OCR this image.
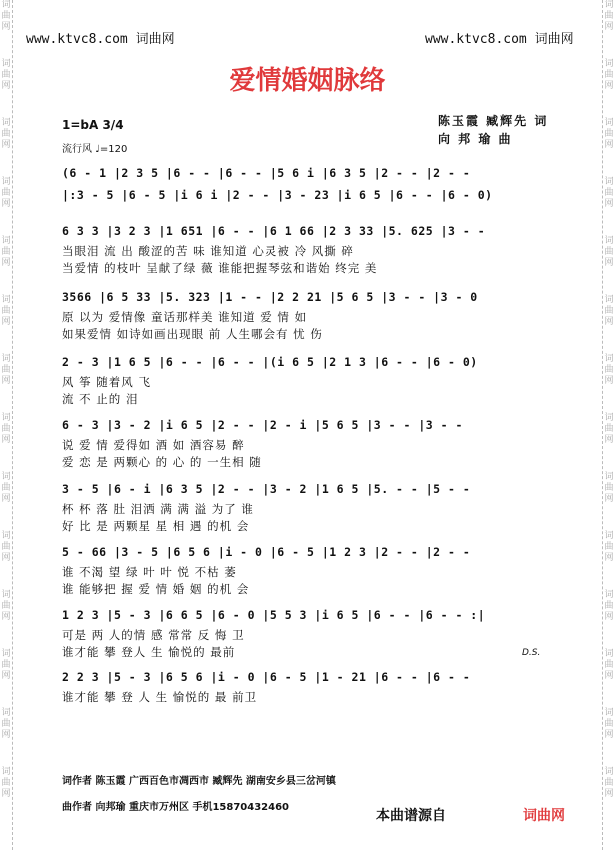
词
曲
网
词
曲
网
词
曲
网
词
曲
网
词
曲
网
词
曲
网
词
曲
网
词
曲
网
词
曲
网
词
曲
网
词
曲
网
词
曲
网
词
曲
网
词
曲
网
词
曲
网
词
曲
网
词
曲
网
词
曲
网
词
曲
网
词
曲
网
词
曲
网
词
曲
网
词
曲
网
词
曲
网
词
曲
网
词
曲
网
词
曲
网
词
曲
网
www.ktvc8.com 词曲网	www.ktvc8.com 词曲网
爱情婚姻脉络
陈玉霞 臧辉先 词
向 邦 瑜 曲
1=bA 3/4
流行风 ♩=120
(6 - 1 |2 3 5 |6 - - |6 - - |5 6 i |6 3 5 |2 - - |2 - -
|:3 - 5 |6 - 5 |i 6 i |2 - - |3 - 23 |i 6 5 |6 - - |6 - 0)
6 3 3 |3 2 3 |1 651 |6 - - |6 1 66 |2 3 33 |5. 625 |3 - -
当眼泪 流 出 酸涩的苦 味 谁知道 心灵被 冷 风撕 碎
当爱情 的枝叶 呈献了绿 薇 谁能把握琴弦和谐始 终完 美
3566 |6 5 33 |5. 323 |1 - - |2 2 21 |5 6 5 |3 - - |3 - 0
原 以为 爱情像 童话那样美 谁知道 爱 情 如
如果爱情 如诗如画出现眼 前 人生哪会有 忧 伤
2 - 3 |1 6 5 |6 - - |6 - - |(i 6 5 |2 1 3 |6 - - |6 - 0)
风 筝 随着风 飞
流 不 止的 泪
6 - 3 |3 - 2 |i 6 5 |2 - - |2 - i |5 6 5 |3 - - |3 - -
说 爱 情 爱得如 酒 如 酒容易 醉
爱 恋 是 两颗心 的 心 的 一生相 随
3 - 5 |6 - i |6 3 5 |2 - - |3 - 2 |1 6 5 |5. - - |5 - -
杯 杯 落 肚 泪洒 满 满 溢 为了 谁
好 比 是 两颗星 星 相 遇 的机 会
5 - 66 |3 - 5 |6 5 6 |i - 0 |6 - 5 |1 2 3 |2 - - |2 - -
谁 不渴 望 绿 叶 叶 悦 不枯 萎
谁 能够把 握 爱 情 婚 姻 的机 会
1 2 3 |5 - 3 |6 6 5 |6 - 0 |5 5 3 |i 6 5 |6 - - |6 - - :|
可是 两 人的情 感 常常 反 悔 卫
谁才能 攀 登人 生 愉悦的 最前
2 2 3 |5 - 3 |6 5 6 |i - 0 |6 - 5 |1 - 21 |6 - - |6 - -
谁才能 攀 登 人 生 愉悦的 最 前卫
D.S.
词作者 陈玉霞 广西百色市凋西市 臧辉先 湖南安乡县三岔河镇
曲作者 向邦瑜 重庆市万州区 手机15870432460
本曲谱源自	词曲网
